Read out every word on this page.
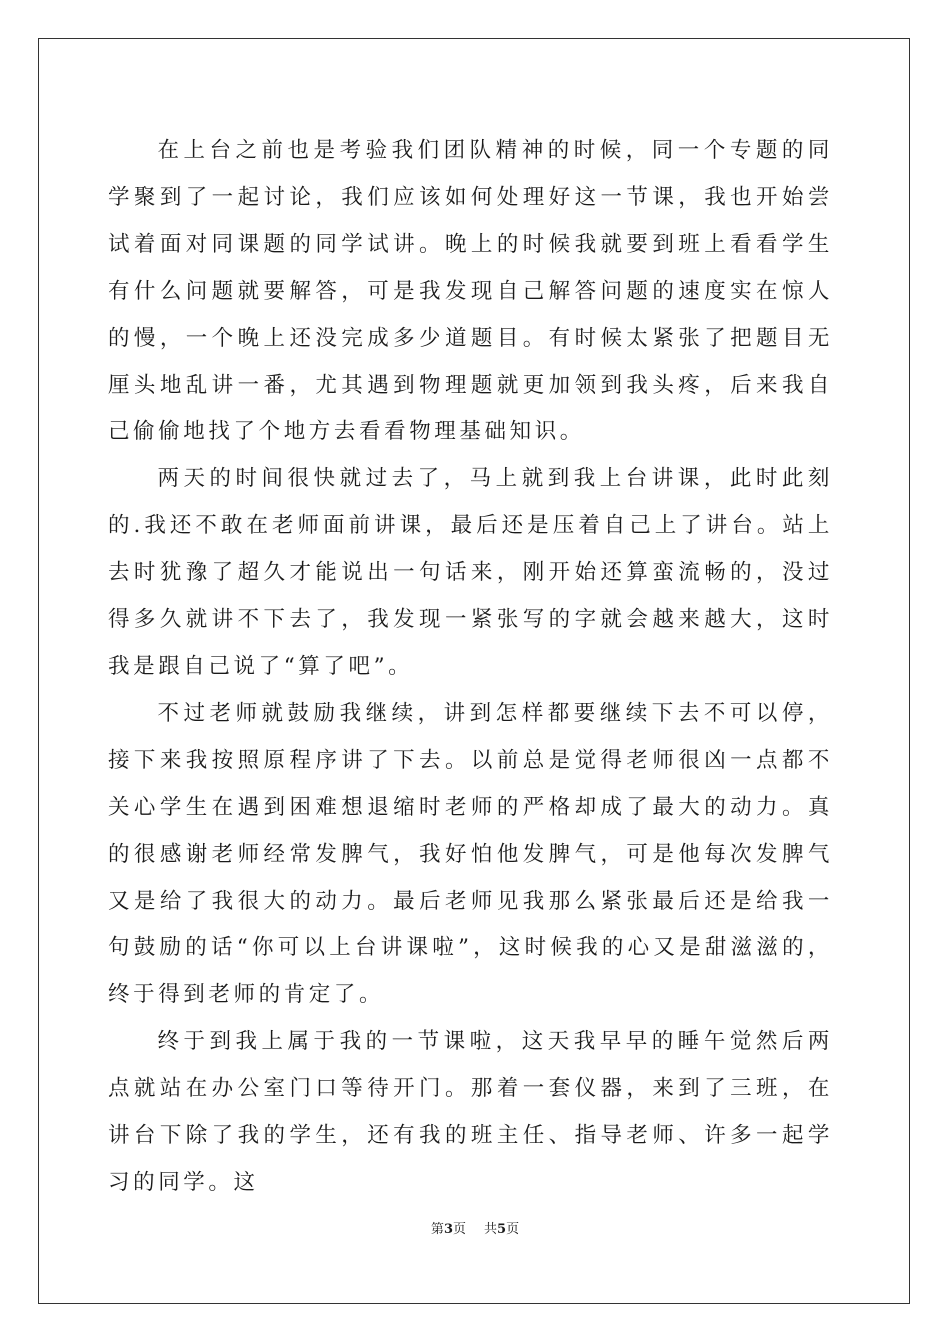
在上台之前也是考验我们团队精神的时候，同一个专题的同学聚到了一起讨论，我们应该如何处理好这一节课，我也开始尝试着面对同课题的同学试讲。晚上的时候我就要到班上看看学生有什么问题就要解答，可是我发现自己解答问题的速度实在惊人的慢，一个晚上还没完成多少道题目。有时候太紧张了把题目无厘头地乱讲一番，尤其遇到物理题就更加领到我头疼，后来我自己偷偷地找了个地方去看看物理基础知识。

两天的时间很快就过去了，马上就到我上台讲课，此时此刻的.我还不敢在老师面前讲课，最后还是压着自己上了讲台。站上去时犹豫了超久才能说出一句话来，刚开始还算蛮流畅的，没过得多久就讲不下去了，我发现一紧张写的字就会越来越大，这时我是跟自己说了“算了吧”。

不过老师就鼓励我继续，讲到怎样都要继续下去不可以停，接下来我按照原程序讲了下去。以前总是觉得老师很凶一点都不关心学生在遇到困难想退缩时老师的严格却成了最大的动力。真的很感谢老师经常发脾气，我好怕他发脾气，可是他每次发脾气又是给了我很大的动力。最后老师见我那么紧张最后还是给我一句鼓励的话“你可以上台讲课啦”，这时候我的心又是甜滋滋的，终于得到老师的肯定了。

终于到我上属于我的一节课啦，这天我早早的睡午觉然后两点就站在办公室门口等待开门。那着一套仪器，来到了三班，在讲台下除了我的学生，还有我的班主任、指导老师、许多一起学习的同学。这

第3页 共5页
